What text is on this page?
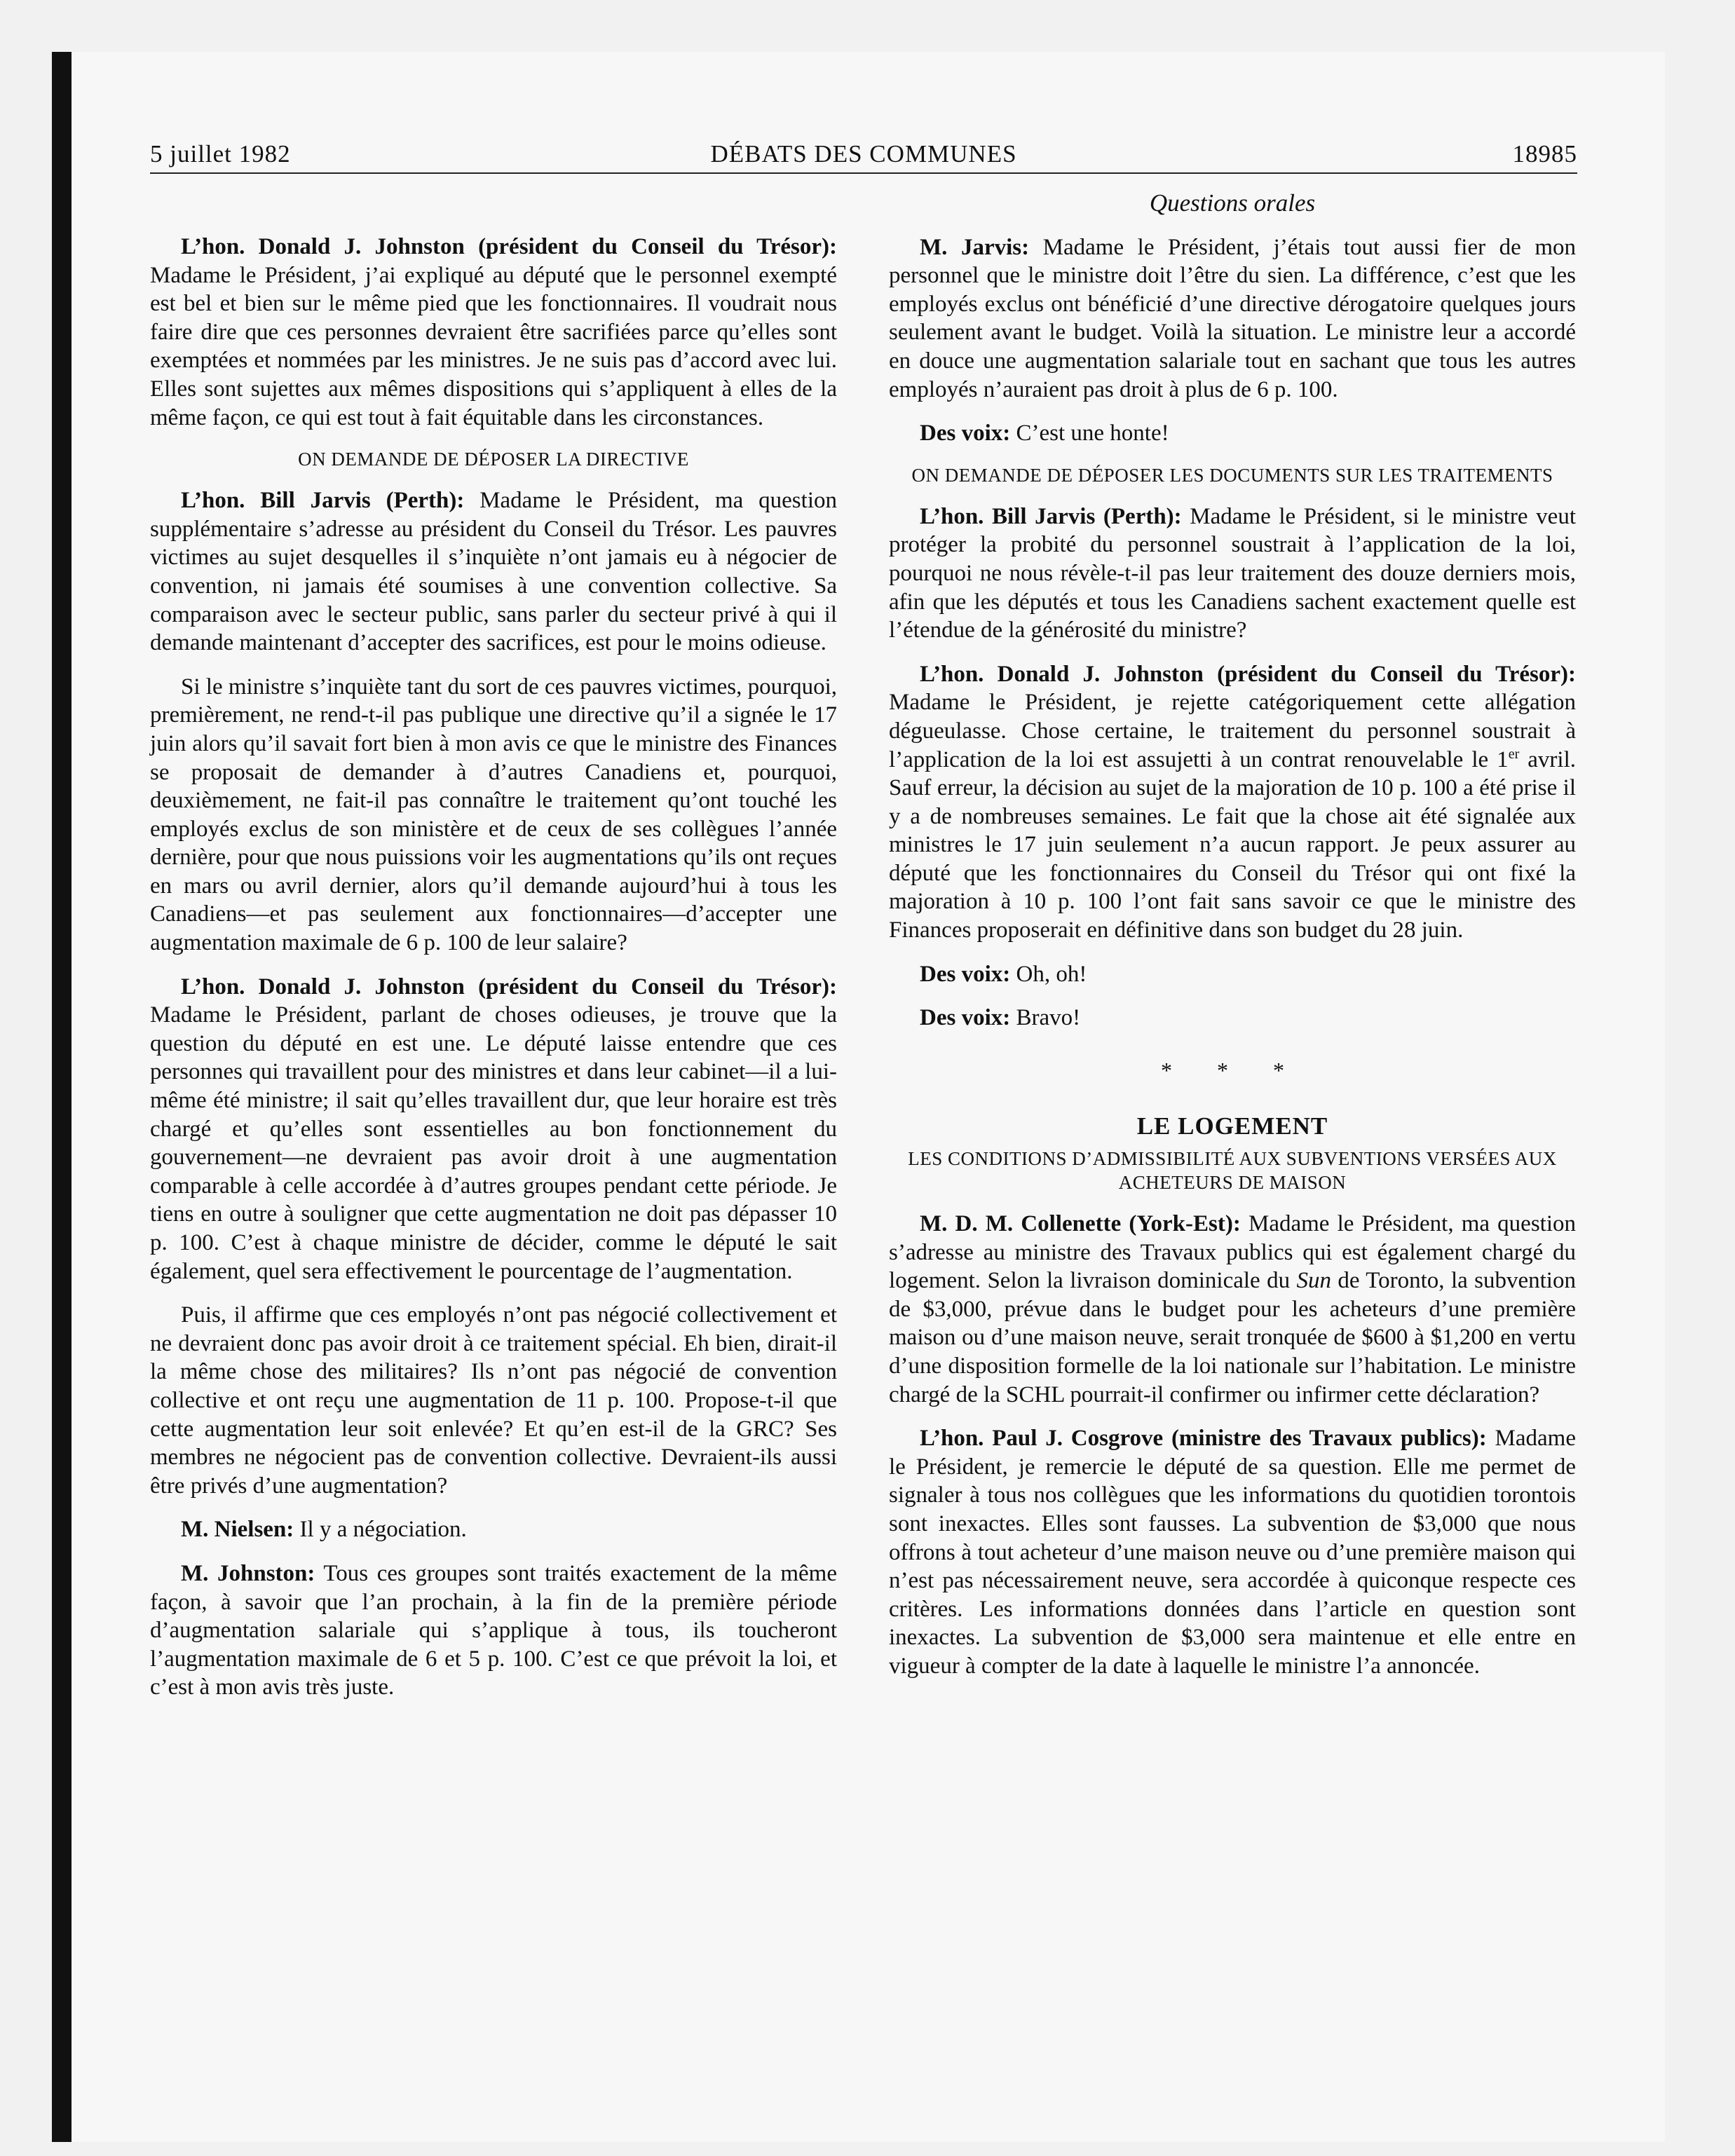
5 juillet 1982	DÉBATS DES COMMUNES	18985

L’hon. Donald J. Johnston (président du Conseil du Trésor): Madame le Président, j’ai expliqué au député que le personnel exempté est bel et bien sur le même pied que les fonctionnaires. Il voudrait nous faire dire que ces personnes devraient être sacrifiées parce qu’elles sont exemptées et nommées par les ministres. Je ne suis pas d’accord avec lui. Elles sont sujettes aux mêmes dispositions qui s’appliquent à elles de la même façon, ce qui est tout à fait équitable dans les circonstances.

ON DEMANDE DE DÉPOSER LA DIRECTIVE

L’hon. Bill Jarvis (Perth): Madame le Président, ma question supplémentaire s’adresse au président du Conseil du Trésor. Les pauvres victimes au sujet desquelles il s’inquiète n’ont jamais eu à négocier de convention, ni jamais été soumises à une convention collective. Sa comparaison avec le secteur public, sans parler du secteur privé à qui il demande maintenant d’accepter des sacrifices, est pour le moins odieuse.

Si le ministre s’inquiète tant du sort de ces pauvres victimes, pourquoi, premièrement, ne rend-t-il pas publique une directive qu’il a signée le 17 juin alors qu’il savait fort bien à mon avis ce que le ministre des Finances se proposait de demander à d’autres Canadiens et, pourquoi, deuxièmement, ne fait-il pas connaître le traitement qu’ont touché les employés exclus de son ministère et de ceux de ses collègues l’année dernière, pour que nous puissions voir les augmentations qu’ils ont reçues en mars ou avril dernier, alors qu’il demande aujourd’hui à tous les Canadiens—et pas seulement aux fonctionnaires—d’accepter une augmentation maximale de 6 p. 100 de leur salaire?

L’hon. Donald J. Johnston (président du Conseil du Trésor): Madame le Président, parlant de choses odieuses, je trouve que la question du député en est une. Le député laisse entendre que ces personnes qui travaillent pour des ministres et dans leur cabinet—il a lui-même été ministre; il sait qu’elles travaillent dur, que leur horaire est très chargé et qu’elles sont essentielles au bon fonctionnement du gouvernement—ne devraient pas avoir droit à une augmentation comparable à celle accordée à d’autres groupes pendant cette période. Je tiens en outre à souligner que cette augmentation ne doit pas dépasser 10 p. 100. C’est à chaque ministre de décider, comme le député le sait également, quel sera effectivement le pourcentage de l’augmentation.

Puis, il affirme que ces employés n’ont pas négocié collectivement et ne devraient donc pas avoir droit à ce traitement spécial. Eh bien, dirait-il la même chose des militaires? Ils n’ont pas négocié de convention collective et ont reçu une augmentation de 11 p. 100. Propose-t-il que cette augmentation leur soit enlevée? Et qu’en est-il de la GRC? Ses membres ne négocient pas de convention collective. Devraient-ils aussi être privés d’une augmentation?

M. Nielsen: Il y a négociation.

M. Johnston: Tous ces groupes sont traités exactement de la même façon, à savoir que l’an prochain, à la fin de la première période d’augmentation salariale qui s’applique à tous, ils toucheront l’augmentation maximale de 6 et 5 p. 100. C’est ce que prévoit la loi, et c’est à mon avis très juste.

Questions orales

M. Jarvis: Madame le Président, j’étais tout aussi fier de mon personnel que le ministre doit l’être du sien. La différence, c’est que les employés exclus ont bénéficié d’une directive dérogatoire quelques jours seulement avant le budget. Voilà la situation. Le ministre leur a accordé en douce une augmentation salariale tout en sachant que tous les autres employés n’auraient pas droit à plus de 6 p. 100.

Des voix: C’est une honte!

ON DEMANDE DE DÉPOSER LES DOCUMENTS SUR LES TRAITEMENTS

L’hon. Bill Jarvis (Perth): Madame le Président, si le ministre veut protéger la probité du personnel soustrait à l’application de la loi, pourquoi ne nous révèle-t-il pas leur traitement des douze derniers mois, afin que les députés et tous les Canadiens sachent exactement quelle est l’étendue de la générosité du ministre?

L’hon. Donald J. Johnston (président du Conseil du Trésor): Madame le Président, je rejette catégoriquement cette allégation dégueulasse. Chose certaine, le traitement du personnel soustrait à l’application de la loi est assujetti à un contrat renouvelable le 1er avril. Sauf erreur, la décision au sujet de la majoration de 10 p. 100 a été prise il y a de nombreuses semaines. Le fait que la chose ait été signalée aux ministres le 17 juin seulement n’a aucun rapport. Je peux assurer au député que les fonctionnaires du Conseil du Trésor qui ont fixé la majoration à 10 p. 100 l’ont fait sans savoir ce que le ministre des Finances proposerait en définitive dans son budget du 28 juin.

Des voix: Oh, oh!

Des voix: Bravo!

* * *
LE LOGEMENT
LES CONDITIONS D’ADMISSIBILITÉ AUX SUBVENTIONS VERSÉES AUX ACHETEURS DE MAISON

M. D. M. Collenette (York-Est): Madame le Président, ma question s’adresse au ministre des Travaux publics qui est également chargé du logement. Selon la livraison dominicale du Sun de Toronto, la subvention de $3,000, prévue dans le budget pour les acheteurs d’une première maison ou d’une maison neuve, serait tronquée de $600 à $1,200 en vertu d’une disposition formelle de la loi nationale sur l’habitation. Le ministre chargé de la SCHL pourrait-il confirmer ou infirmer cette déclaration?

L’hon. Paul J. Cosgrove (ministre des Travaux publics): Madame le Président, je remercie le député de sa question. Elle me permet de signaler à tous nos collègues que les informations du quotidien torontois sont inexactes. Elles sont fausses. La subvention de $3,000 que nous offrons à tout acheteur d’une maison neuve ou d’une première maison qui n’est pas nécessairement neuve, sera accordée à quiconque respecte ces critères. Les informations données dans l’article en question sont inexactes. La subvention de $3,000 sera maintenue et elle entre en vigueur à compter de la date à laquelle le ministre l’a annoncée.
